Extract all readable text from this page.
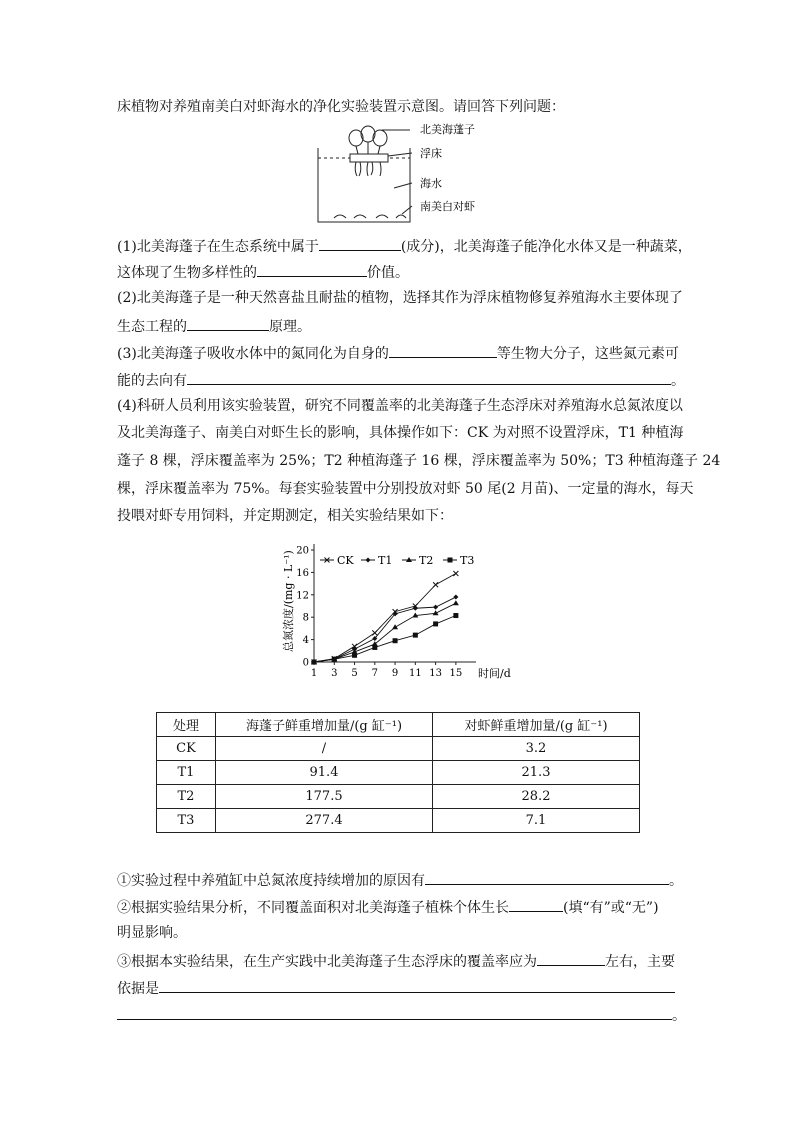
床植物对养殖南美白对虾海水的净化实验装置示意图。请回答下列问题：
北美海蓬子
浮床
海水
南美白对虾
(1)北美海蓬子在生态系统中属于	(成分)，北美海蓬子能净化水体又是一种蔬菜，
这体现了生物多样性的	价值。
(2)北美海蓬子是一种天然喜盐且耐盐的植物，选择其作为浮床植物修复养殖海水主要体现了
生态工程的	原理。
(3)北美海蓬子吸收水体中的氮同化为自身的	等生物大分子，这些氮元素可
能的去向有	。
(4)科研人员利用该实验装置，研究不同覆盖率的北美海蓬子生态浮床对养殖海水总氮浓度以
及北美海蓬子、南美白对虾生长的影响，具体操作如下：CK 为对照不设置浮床，T1 种植海
蓬子 8 棵，浮床覆盖率为 25%；T2 种植海蓬子 16 棵，浮床覆盖率为 50%；T3 种植海蓬子 24
棵，浮床覆盖率为 75%。每套实验装置中分别投放对虾 50 尾(2 月苗)、一定量的海水，每天
投喂对虾专用饲料，并定期测定，相关实验结果如下：
1 3 5 7 9 11 13 15
0
4
8
12
16
20
CK T1 T2 T3
总氮浓度/(mg · L⁻¹)
时间/d
处理	海蓬子鲜重增加量/(g 缸⁻¹)	对虾鲜重增加量/(g 缸⁻¹)
CK	/	3.2
T1	91.4	21.3
T2	177.5	28.2
T3	277.4	7.1
①实验过程中养殖缸中总氮浓度持续增加的原因有	。
②根据实验结果分析，不同覆盖面积对北美海蓬子植株个体生长	(填“有”或“无”)
明显影响。
③根据本实验结果，在生产实践中北美海蓬子生态浮床的覆盖率应为	左右，主要
依据是
。
